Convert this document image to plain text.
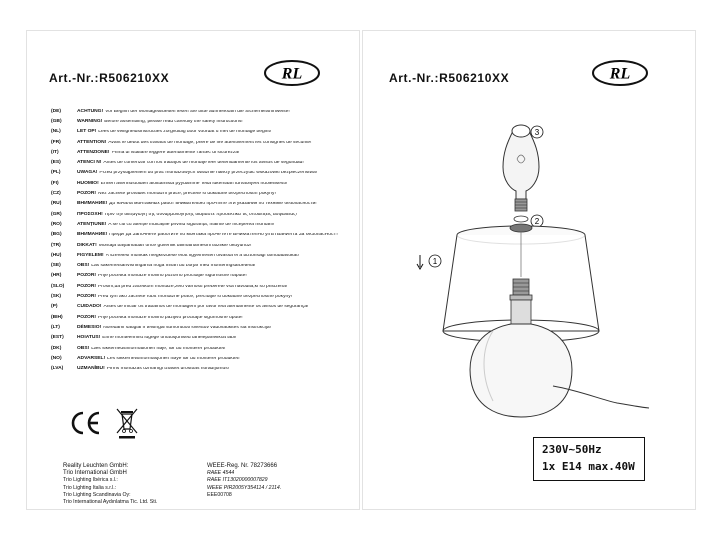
Art.-Nr.:R506210XX	RL
(DE)	ACHTUNG! Vor Beginn der Montagearbeiten lesen Sie bitte aufmerksam die Sicherheitshinweise!
(GB)	WARNING! Before assembling, please read carefully the safety instructions!
(NL)	LET OP! Lees de veiligheidsinstructies zorgvuldig door voordat u met de montage begint!
(FR)	ATTENTION! Avant le début des travaux de montage, prière de lire attentivement les consignes de sécurité!
(IT)	ATTENZIONE! Prima di istallare leggere attentamente l'arttec di sicurezza!
(ES)	ATENCI N! Antes de comenzar con los trabajos de montaje leer detenidamente los avisos de seguridad!
(PL)	UWAGA! Przed przystąpieniem do prac montażowych uważnie należy przeczytać wskazówki bezpieczeństwa!
(FI)	HUOMIO! Ennen asennustöiden aloittamista pyydämme Teitä lukemaan turvaohjeet huolellisesti!
(CZ)	POZOR! Než začnete provádět montážní práce, přečtěte si důkladně bezpečnostní pokyny!
(RU)	ВНИМАНИЕ! До начала монтажных работ внимательно прочтите эти указания по технике безопасности!
(GR)	ΠΡΟΣΟΧΗ! Πριν την διεξαγωγή της συναρμολόγησης διαβάστε προσεκτικά τις υποδείξεις ασφαλείας!
(RO)	ATENȚIUNE! A se citi cu atenție îndicațiile privind siguranța, înainte de începerea montării!
(BG)	ВНИМАНИЕ! ПредИ да Започнете работите по монтажа прочеТеТе ВНиМаТелНо упЪТВанИяТа За беЗопасНосТ!
(TR)	DIKKAT! Montaja başlamadan önce güvenlik talimatnamesini titizlikle okuyunuz!
(HU)	FIGYELEM! A szerelési munkák megkezdése előtt figyelmesen olvassa el a biztonsági útmutatásokat!
(SE)	OBS! Läs säkerhetsanvisningarna noga innan du börjar med monteringsarbetena!
(HR)	POZOR! Prije početka montaže molimo pozorno pročitajte sigurnosne napute!
(SLO)	POZOR! Prosim,da pred začetkom montaže,zelo varnosti preberete vsa navodila,ki so priložena!
(SK)	POZOR! Pred tým ako začnete robiť montážne práce, prečítajte si dôkladne bezpečnostné pokyny!
(P)	CUIDADO! Antes de iniciar os trabalhos de montagem por favor leia atentamente os avisos de segurança!
(BIH)	POZOR! Prije početka montaže molimo pažljivo pročitajte sigurnosne upute!
(LT)	DĖMESIO! Norėdami saugiai ir teisingai sumontuoti šviestuv vadovaukitės šia instrukcija!
(EST)	HOIATUS! Enne monteerimist lugege ohutusjuhised tähelepanelikult läbi!
(DK)	OBS! Læs sikkerhedsinformationen nøje, før du monterer produktet!
(NO)	ADVARSEL! Les sikkerhetsinformasjonen nøye før du monterer produktet!
(LVA)	UZMANĪBU! Pirms montāžas uzmanīgi izlasiet drošības norādījumus!
Reality Leuchten GmbH:
Trio International GmbH
Trio Lighting Ibérica s.l.:
Trio Lighting Italia s.r.l.:
Trio Lighting Scandinavia Oy:
Trio International Aydınlatma Tic. Ltd. Sti.
WEEE-Reg. Nr. 78273666
RAEE 4544
RAEE IT13020000007829
WEEE PIR2005Y354114 / 2114.
EEE00708
Art.-Nr.:R506210XX	RL
3
2
1
230V~50Hz
1x E14 max.40W
